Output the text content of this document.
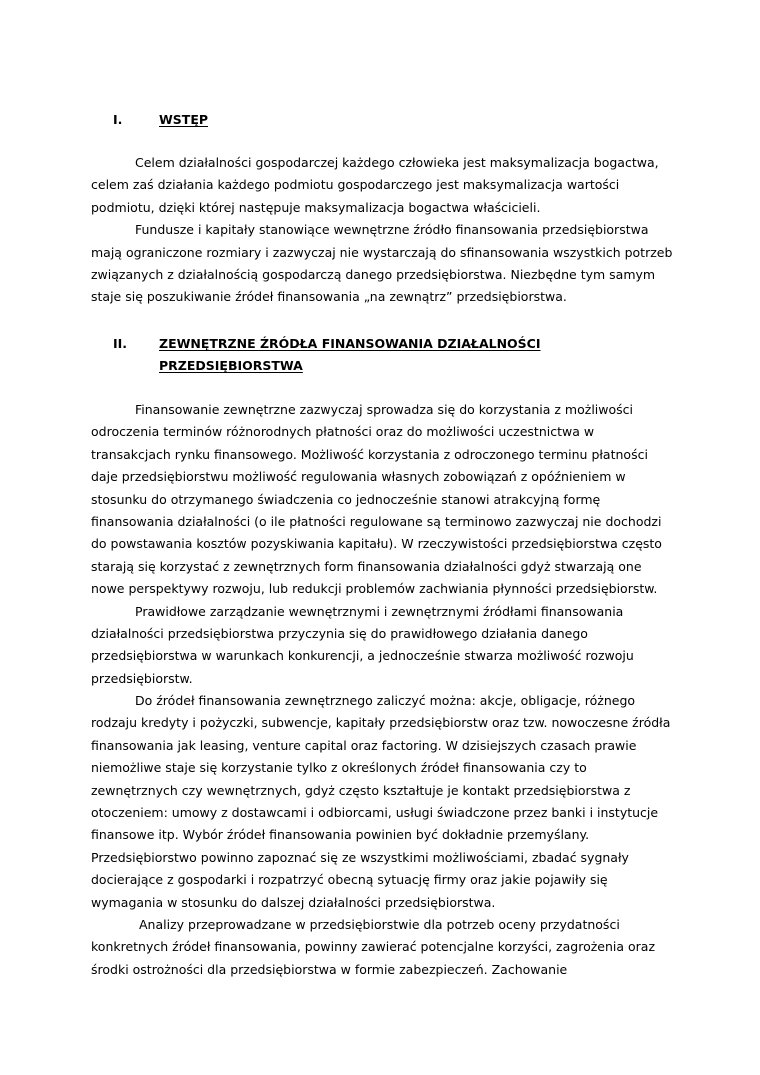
I.	WSTĘP
Celem działalności gospodarczej każdego człowieka jest maksymalizacja bogactwa,
celem zaś działania każdego podmiotu gospodarczego jest maksymalizacja wartości
podmiotu, dzięki której następuje maksymalizacja bogactwa właścicieli.
Fundusze i kapitały stanowiące wewnętrzne źródło finansowania przedsiębiorstwa
mają ograniczone rozmiary i zazwyczaj nie wystarczają do sfinansowania wszystkich potrzeb
związanych z działalnością gospodarczą danego przedsiębiorstwa. Niezbędne tym samym
staje się poszukiwanie źródeł finansowania „na zewnątrz” przedsiębiorstwa.
II.	ZEWNĘTRZNE ŹRÓDŁA FINANSOWANIA DZIAŁALNOŚCI
PRZEDSIĘBIORSTWA
Finansowanie zewnętrzne zazwyczaj sprowadza się do korzystania z możliwości
odroczenia terminów różnorodnych płatności oraz do możliwości uczestnictwa w
transakcjach rynku finansowego. Możliwość korzystania z odroczonego terminu płatności
daje przedsiębiorstwu możliwość regulowania własnych zobowiązań z opóźnieniem w
stosunku do otrzymanego świadczenia co jednocześnie stanowi atrakcyjną formę
finansowania działalności (o ile płatności regulowane są terminowo zazwyczaj nie dochodzi
do powstawania kosztów pozyskiwania kapitału). W rzeczywistości przedsiębiorstwa często
starają się korzystać z zewnętrznych form finansowania działalności gdyż stwarzają one
nowe perspektywy rozwoju, lub redukcji problemów zachwiania płynności przedsiębiorstw.
Prawidłowe zarządzanie wewnętrznymi i zewnętrznymi źródłami finansowania
działalności przedsiębiorstwa przyczynia się do prawidłowego działania danego
przedsiębiorstwa w warunkach konkurencji, a jednocześnie stwarza możliwość rozwoju
przedsiębiorstw.
Do źródeł finansowania zewnętrznego zaliczyć można: akcje, obligacje, różnego
rodzaju kredyty i pożyczki, subwencje, kapitały przedsiębiorstw oraz tzw. nowoczesne źródła
finansowania jak leasing, venture capital oraz factoring. W dzisiejszych czasach prawie
niemożliwe staje się korzystanie tylko z określonych źródeł finansowania czy to
zewnętrznych czy wewnętrznych, gdyż często kształtuje je kontakt przedsiębiorstwa z
otoczeniem: umowy z dostawcami i odbiorcami, usługi świadczone przez banki i instytucje
finansowe itp. Wybór źródeł finansowania powinien być dokładnie przemyślany.
Przedsiębiorstwo powinno zapoznać się ze wszystkimi możliwościami, zbadać sygnały
docierające z gospodarki i rozpatrzyć obecną sytuację firmy oraz jakie pojawiły się
wymagania w stosunku do dalszej działalności przedsiębiorstwa.
Analizy przeprowadzane w przedsiębiorstwie dla potrzeb oceny przydatności
konkretnych źródeł finansowania, powinny zawierać potencjalne korzyści, zagrożenia oraz
środki ostrożności dla przedsiębiorstwa w formie zabezpieczeń. Zachowanie
